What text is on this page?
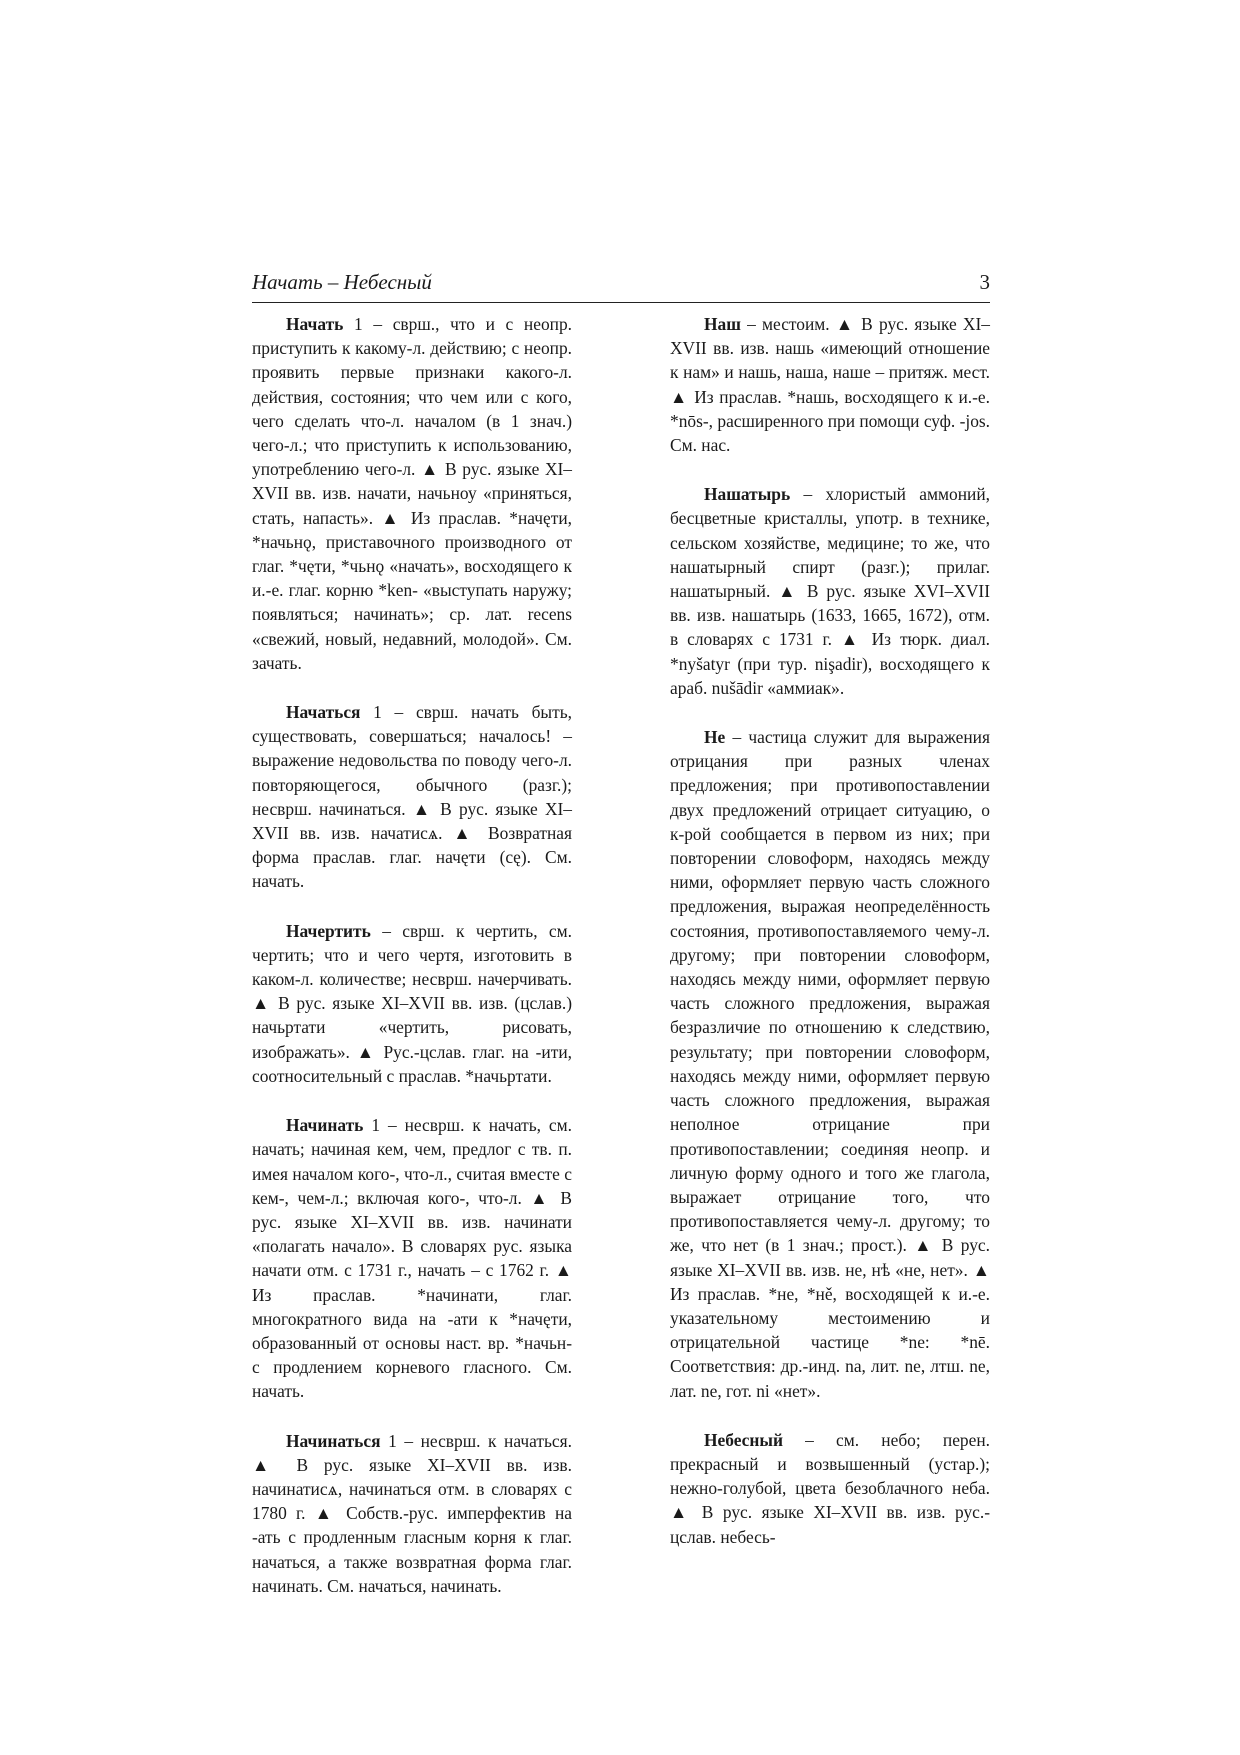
Начать – Небесный	3

Начать 1 – сврш., что и с неопр. приступить к какому-л. действию; с неопр. проявить первые признаки какого-л. действия, состояния; что чем или с кого, чего сделать что-л. началом (в 1 знач.) чего-л.; что приступить к использованию, употреблению чего-л. ▲ В рус. языке XI–XVII вв. изв. начати, начьноу «приняться, стать, напасть». ▲ Из праслав. *начęти, *начьнǫ, приставочного производного от глаг. *чęти, *чьнǫ «начать», восходящего к и.-е. глаг. корню *ken- «выступать наружу; появляться; начинать»; ср. лат. recens «свежий, новый, недавний, молодой». См. зачать.

Начаться 1 – сврш. начать быть, существовать, совершаться; началось! – выражение недовольства по поводу чего-л. повторяющегося, обычного (разг.); несврш. начинаться. ▲ В рус. языке XI–XVII вв. изв. начатисѧ. ▲ Возвратная форма праслав. глаг. начęти (сę). См. начать.

Начертить – сврш. к чертить, см. чертить; что и чего чертя, изготовить в каком-л. количестве; несврш. начерчивать. ▲ В рус. языке XI–XVII вв. изв. (цслав.) начьртати «чертить, рисовать, изображать». ▲ Рус.-цслав. глаг. на -ити, соотносительный с праслав. *начьртати.

Начинать 1 – несврш. к начать, см. начать; начиная кем, чем, предлог с тв. п. имея началом кого-, что-л., считая вместе с кем-, чем-л.; включая кого-, что-л. ▲ В рус. языке XI–XVII вв. изв. начинати «полагать начало». В словарях рус. языка начати отм. с 1731 г., начать – с 1762 г. ▲ Из праслав. *начинати, глаг. многократного вида на -ати к *начęти, образованный от основы наст. вр. *начьн- с продлением корневого гласного. См. начать.

Начинаться 1 – несврш. к начаться. ▲ В рус. языке XI–XVII вв. изв. начинатисѧ, начинаться отм. в словарях с 1780 г. ▲ Собств.-рус. имперфектив на -ать с продленным гласным корня к глаг. начаться, а также возвратная форма глаг. начинать. См. начаться, начинать.

Наш – местоим. ▲ В рус. языке XI–XVII вв. изв. нашь «имеющий отношение к нам» и нашь, наша, наше – притяж. мест. ▲ Из праслав. *нашь, восходящего к и.-е. *nōs-, расширенного при помощи суф. -jos. См. нас.

Нашатырь – хлористый аммоний, бесцветные кристаллы, употр. в технике, сельском хозяйстве, медицине; то же, что нашатырный спирт (разг.); прилаг. нашатырный. ▲ В рус. языке XVI–XVII вв. изв. нашатырь (1633, 1665, 1672), отм. в словарях с 1731 г. ▲ Из тюрк. диал. *nyšatyr (при тур. nişadir), восходящего к араб. nušādir «аммиак».

Не – частица служит для выражения отрицания при разных членах предложения; при противопоставлении двух предложений отрицает ситуацию, о к-рой сообщается в первом из них; при повторении словоформ, находясь между ними, оформляет первую часть сложного предложения, выражая неопределённость состояния, противопоставляемого чему-л. другому; при повторении словоформ, находясь между ними, оформляет первую часть сложного предложения, выражая безразличие по отношению к следствию, результату; при повторении словоформ, находясь между ними, оформляет первую часть сложного предложения, выражая неполное отрицание при противопоставлении; соединяя неопр. и личную форму одного и того же глагола, выражает отрицание того, что противопоставляется чему-л. другому; то же, что нет (в 1 знач.; прост.). ▲ В рус. языке XI–XVII вв. изв. не, нѣ «не, нет». ▲ Из праслав. *не, *нě, восходящей к и.-е. указательному местоимению и отрицательной частице *ne: *nē. Соответствия: др.-инд. na, лит. ne, лтш. ne, лат. ne, гот. ni «нет».

Небесный – см. небо; перен. прекрасный и возвышенный (устар.); нежно-голубой, цвета безоблачного неба. ▲ В рус. языке XI–XVII вв. изв. рус.-цслав. небесь-
